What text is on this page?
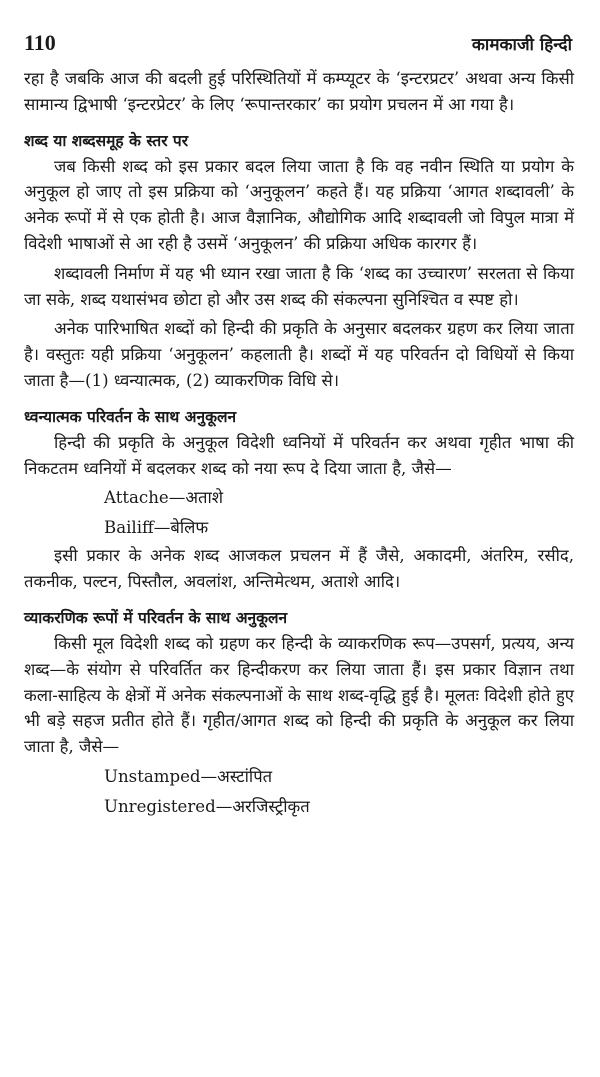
110	कामकाजी हिन्दी

रहा है जबकि आज की बदली हुई परिस्थितियों में कम्प्यूटर के ‘इन्टरप्रटर’ अथवा अन्य किसी सामान्य द्विभाषी ‘इन्टरप्रेटर’ के लिए ‘रूपान्तरकार’ का प्रयोग प्रचलन में आ गया है।

शब्द या शब्दसमूह के स्तर पर

जब किसी शब्द को इस प्रकार बदल लिया जाता है कि वह नवीन स्थिति या प्रयोग के अनुकूल हो जाए तो इस प्रक्रिया को ‘अनुकूलन’ कहते हैं। यह प्रक्रिया ‘आगत शब्दावली’ के अनेक रूपों में से एक होती है। आज वैज्ञानिक, औद्योगिक आदि शब्दावली जो विपुल मात्रा में विदेशी भाषाओं से आ रही है उसमें ‘अनुकूलन’ की प्रक्रिया अधिक कारगर हैं।

शब्दावली निर्माण में यह भी ध्यान रखा जाता है कि ‘शब्द का उच्चारण’ सरलता से किया जा सके, शब्द यथासंभव छोटा हो और उस शब्द की संकल्पना सुनिश्चित व स्पष्ट हो।

अनेक पारिभाषित शब्दों को हिन्दी की प्रकृति के अनुसार बदलकर ग्रहण कर लिया जाता है। वस्तुतः यही प्रक्रिया ‘अनुकूलन’ कहलाती है। शब्दों में यह परिवर्तन दो विधियों से किया जाता है—(1) ध्वन्यात्मक, (2) व्याकरणिक विधि से।

ध्वन्यात्मक परिवर्तन के साथ अनुकूलन

हिन्दी की प्रकृति के अनुकूल विदेशी ध्वनियों में परिवर्तन कर अथवा गृहीत भाषा की निकटतम ध्वनियों में बदलकर शब्द को नया रूप दे दिया जाता है, जैसे—

Attache—अताशे
Bailiff—बेलिफ

इसी प्रकार के अनेक शब्द आजकल प्रचलन में हैं जैसे, अकादमी, अंतरिम, रसीद, तकनीक, पल्टन, पिस्तौल, अवलांश, अन्तिमेत्थम, अताशे आदि।

व्याकरणिक रूपों में परिवर्तन के साथ अनुकूलन

किसी मूल विदेशी शब्द को ग्रहण कर हिन्दी के व्याकरणिक रूप—उपसर्ग, प्रत्यय, अन्य शब्द—के संयोग से परिवर्तित कर हिन्दीकरण कर लिया जाता हैं। इस प्रकार विज्ञान तथा कला-साहित्य के क्षेत्रों में अनेक संकल्पनाओं के साथ शब्द-वृद्धि हुई है। मूलतः विदेशी होते हुए भी बड़े सहज प्रतीत होते हैं। गृहीत/आगत शब्द को हिन्दी की प्रकृति के अनुकूल कर लिया जाता है, जैसे—

Unstamped—अस्टांपित
Unregistered—अरजिस्ट्रीकृत
